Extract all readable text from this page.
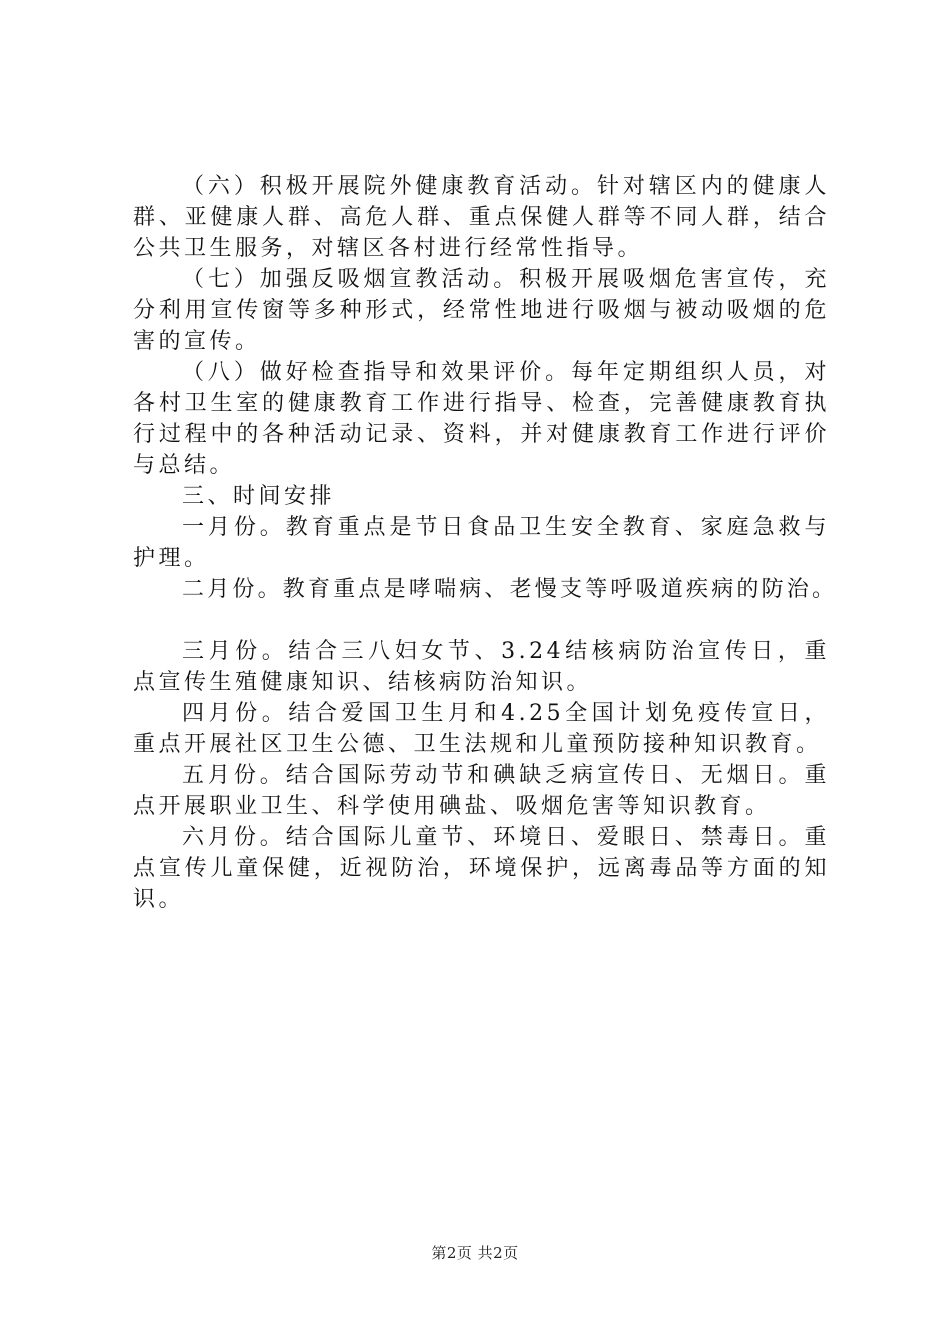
（六）积极开展院外健康教育活动。针对辖区内的健康人群、亚健康人群、高危人群、重点保健人群等不同人群，结合公共卫生服务，对辖区各村进行经常性指导。

（七）加强反吸烟宣教活动。积极开展吸烟危害宣传，充分利用宣传窗等多种形式，经常性地进行吸烟与被动吸烟的危害的宣传。

（八）做好检查指导和效果评价。每年定期组织人员，对各村卫生室的健康教育工作进行指导、检查，完善健康教育执行过程中的各种活动记录、资料，并对健康教育工作进行评价与总结。

三、时间安排

一月份。教育重点是节日食品卫生安全教育、家庭急救与护理。

二月份。教育重点是哮喘病、老慢支等呼吸道疾病的防治。

三月份。结合三八妇女节、3.24结核病防治宣传日，重点宣传生殖健康知识、结核病防治知识。

四月份。结合爱国卫生月和4.25全国计划免疫传宣日，重点开展社区卫生公德、卫生法规和儿童预防接种知识教育。

五月份。结合国际劳动节和碘缺乏病宣传日、无烟日。重点开展职业卫生、科学使用碘盐、吸烟危害等知识教育。

六月份。结合国际儿童节、环境日、爱眼日、禁毒日。重点宣传儿童保健，近视防治，环境保护，远离毒品等方面的知识。

第2页 共2页
